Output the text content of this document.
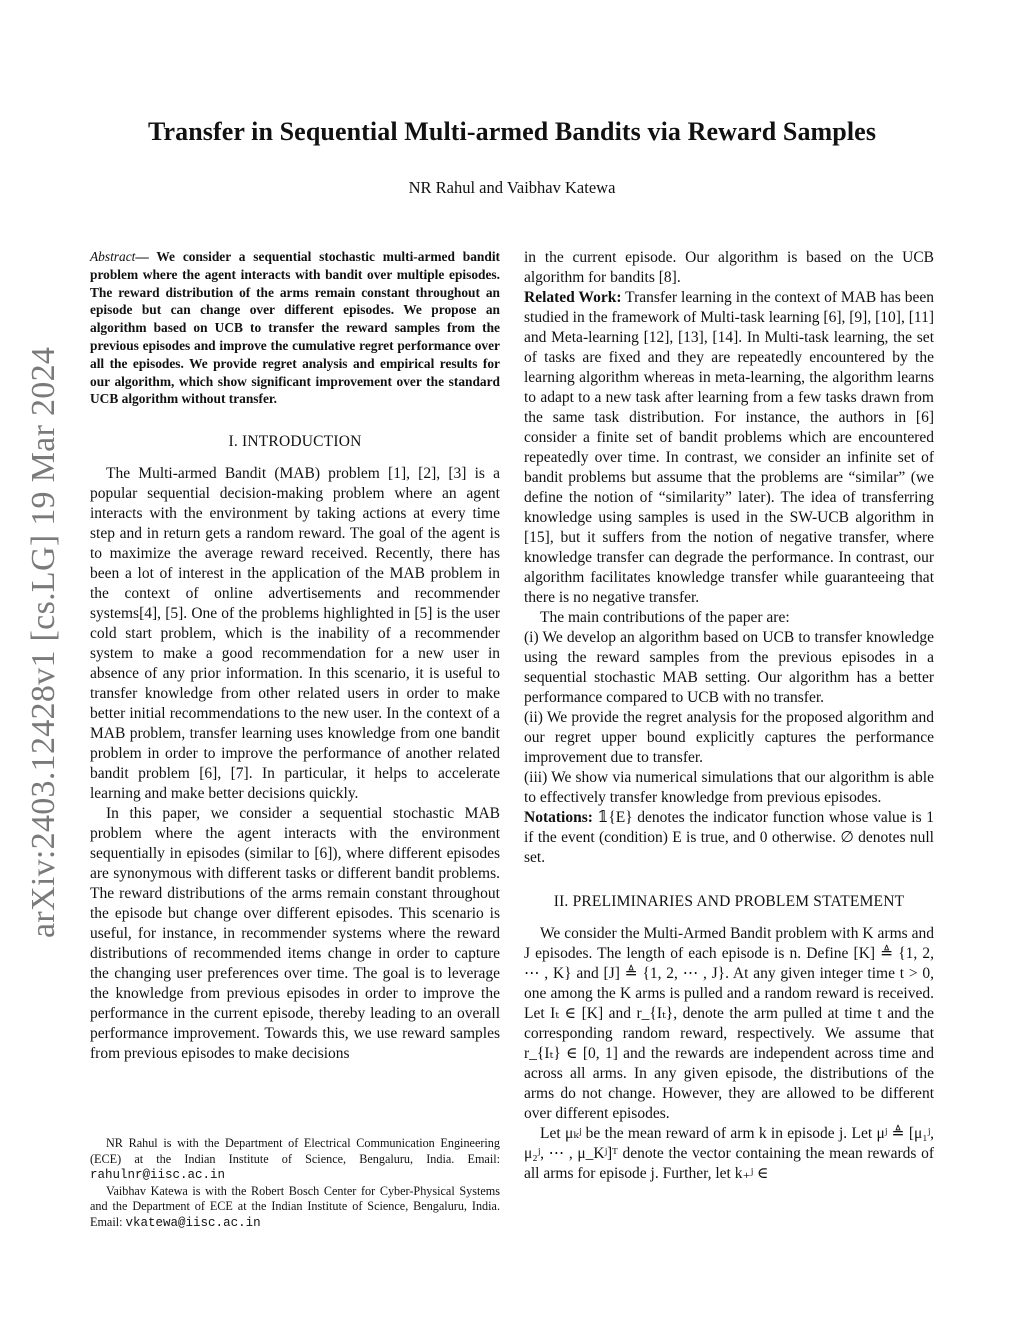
arXiv:2403.12428v1 [cs.LG] 19 Mar 2024
Transfer in Sequential Multi-armed Bandits via Reward Samples
NR Rahul and Vaibhav Katewa

Abstract— We consider a sequential stochastic multi-armed bandit problem where the agent interacts with bandit over multiple episodes. The reward distribution of the arms remain constant throughout an episode but can change over different episodes. We propose an algorithm based on UCB to transfer the reward samples from the previous episodes and improve the cumulative regret performance over all the episodes. We provide regret analysis and empirical results for our algorithm, which show significant improvement over the standard UCB algorithm without transfer.

I. INTRODUCTION

The Multi-armed Bandit (MAB) problem [1], [2], [3] is a popular sequential decision-making problem where an agent interacts with the environment by taking actions at every time step and in return gets a random reward. The goal of the agent is to maximize the average reward received. Recently, there has been a lot of interest in the application of the MAB problem in the context of online advertisements and recommender systems[4], [5]. One of the problems highlighted in [5] is the user cold start problem, which is the inability of a recommender system to make a good recommendation for a new user in absence of any prior information. In this scenario, it is useful to transfer knowledge from other related users in order to make better initial recommendations to the new user. In the context of a MAB problem, transfer learning uses knowledge from one bandit problem in order to improve the performance of another related bandit problem [6], [7]. In particular, it helps to accelerate learning and make better decisions quickly.

In this paper, we consider a sequential stochastic MAB problem where the agent interacts with the environment sequentially in episodes (similar to [6]), where different episodes are synonymous with different tasks or different bandit problems. The reward distributions of the arms remain constant throughout the episode but change over different episodes. This scenario is useful, for instance, in recommender systems where the reward distributions of recommended items change in order to capture the changing user preferences over time. The goal is to leverage the knowledge from previous episodes in order to improve the performance in the current episode, thereby leading to an overall performance improvement. Towards this, we use reward samples from previous episodes to make decisions

NR Rahul is with the Department of Electrical Communication Engineering (ECE) at the Indian Institute of Science, Bengaluru, India. Email: rahulnr@iisc.ac.in

Vaibhav Katewa is with the Robert Bosch Center for Cyber-Physical Systems and the Department of ECE at the Indian Institute of Science, Bengaluru, India. Email: vkatewa@iisc.ac.in

in the current episode. Our algorithm is based on the UCB algorithm for bandits [8].

Related Work: Transfer learning in the context of MAB has been studied in the framework of Multi-task learning [6], [9], [10], [11] and Meta-learning [12], [13], [14]. In Multi-task learning, the set of tasks are fixed and they are repeatedly encountered by the learning algorithm whereas in meta-learning, the algorithm learns to adapt to a new task after learning from a few tasks drawn from the same task distribution. For instance, the authors in [6] consider a finite set of bandit problems which are encountered repeatedly over time. In contrast, we consider an infinite set of bandit problems but assume that the problems are “similar” (we define the notion of “similarity” later). The idea of transferring knowledge using samples is used in the SW-UCB algorithm in [15], but it suffers from the notion of negative transfer, where knowledge transfer can degrade the performance. In contrast, our algorithm facilitates knowledge transfer while guaranteeing that there is no negative transfer.

The main contributions of the paper are:

(i) We develop an algorithm based on UCB to transfer knowledge using the reward samples from the previous episodes in a sequential stochastic MAB setting. Our algorithm has a better performance compared to UCB with no transfer.

(ii) We provide the regret analysis for the proposed algorithm and our regret upper bound explicitly captures the performance improvement due to transfer.

(iii) We show via numerical simulations that our algorithm is able to effectively transfer knowledge from previous episodes.

Notations: 𝟙{E} denotes the indicator function whose value is 1 if the event (condition) E is true, and 0 otherwise. ∅ denotes null set.

II. PRELIMINARIES AND PROBLEM STATEMENT

We consider the Multi-Armed Bandit problem with K arms and J episodes. The length of each episode is n. Define [K] ≜ {1, 2, ⋯ , K} and [J] ≜ {1, 2, ⋯ , J}. At any given integer time t > 0, one among the K arms is pulled and a random reward is received. Let Iₜ ∈ [K] and r_{Iₜ}, denote the arm pulled at time t and the corresponding random reward, respectively. We assume that r_{Iₜ} ∈ [0, 1] and the rewards are independent across time and across all arms. In any given episode, the distributions of the arms do not change. However, they are allowed to be different over different episodes.

Let μₖʲ be the mean reward of arm k in episode j. Let μʲ ≜ [μ₁ʲ, μ₂ʲ, ⋯ , μ_Kʲ]ᵀ denote the vector containing the mean rewards of all arms for episode j. Further, let k₊ʲ ∈
